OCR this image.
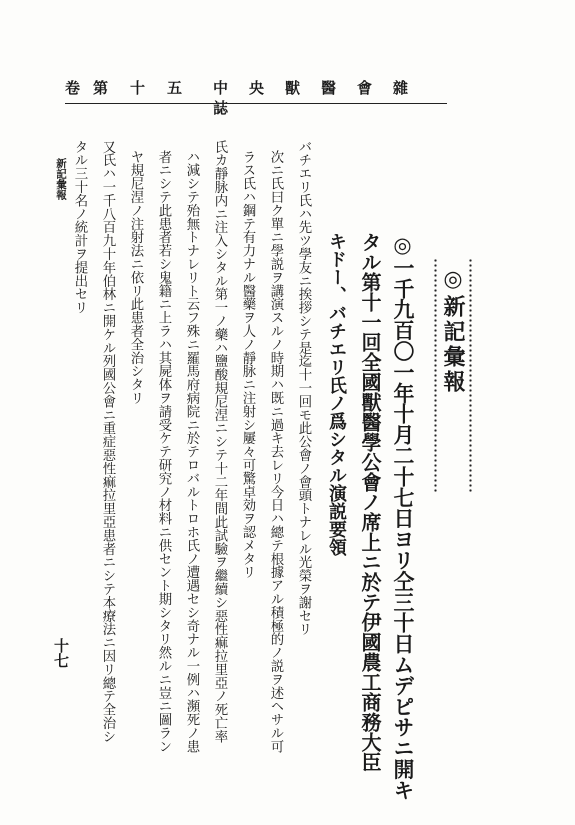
卷 第十五 中央獸醫會雜誌
新記彙報
十七
◎新記彙報
◎一千九百〇一年十月二十七日ヨリ仝三十日ムデピサニ開キ
タル第十一回全國獸醫學公會ノ席上ニ於テ伊國農工商務大臣
キドー、バチエリ氏ノ爲シタル演説要領
バチエリ氏ハ先ツ學友ニ挨拶シテ是迄十一回モ此公會ノ會頭トナレル光榮ヲ謝セリ
次ニ氏曰ク單ニ學説ヲ講演スルノ時期ハ既ニ過キ去レリ今日ハ總テ根據アル積極的ノ説ヲ述ヘサル可
ラス氏ハ鋼テ有力ナル醫藥ヲ人ノ靜脉ニ注射シ屢々可驚卓効ヲ認メタリ
氏カ靜脉内ニ注入シタル第一ノ藥ハ鹽酸規尼涅ニシテ十二年間此試驗ヲ繼續シ惡性痲拉里亞ノ死亡率
ハ減シテ殆無トナレリト云フ殊ニ羅馬府病院ニ於テロバルトロホ氏ノ遭遇セシ奇ナル一例ハ瀕死ノ患
者ニシテ此患者若シ鬼籍ニ上ラハ其屍体ヲ請受ケテ研究ノ材料ニ供セント期シタリ然ルニ豈ニ圖ラン
ヤ規尼涅ノ注射法ニ依リ此患者全治シタリ
又氏ハ一千八百九十年伯林ニ開ケル列國公會ニ重症惡性痲拉里亞患者ニシテ本療法ニ因リ總テ全治シ
タル三十名ノ統計ヲ提出セリ
